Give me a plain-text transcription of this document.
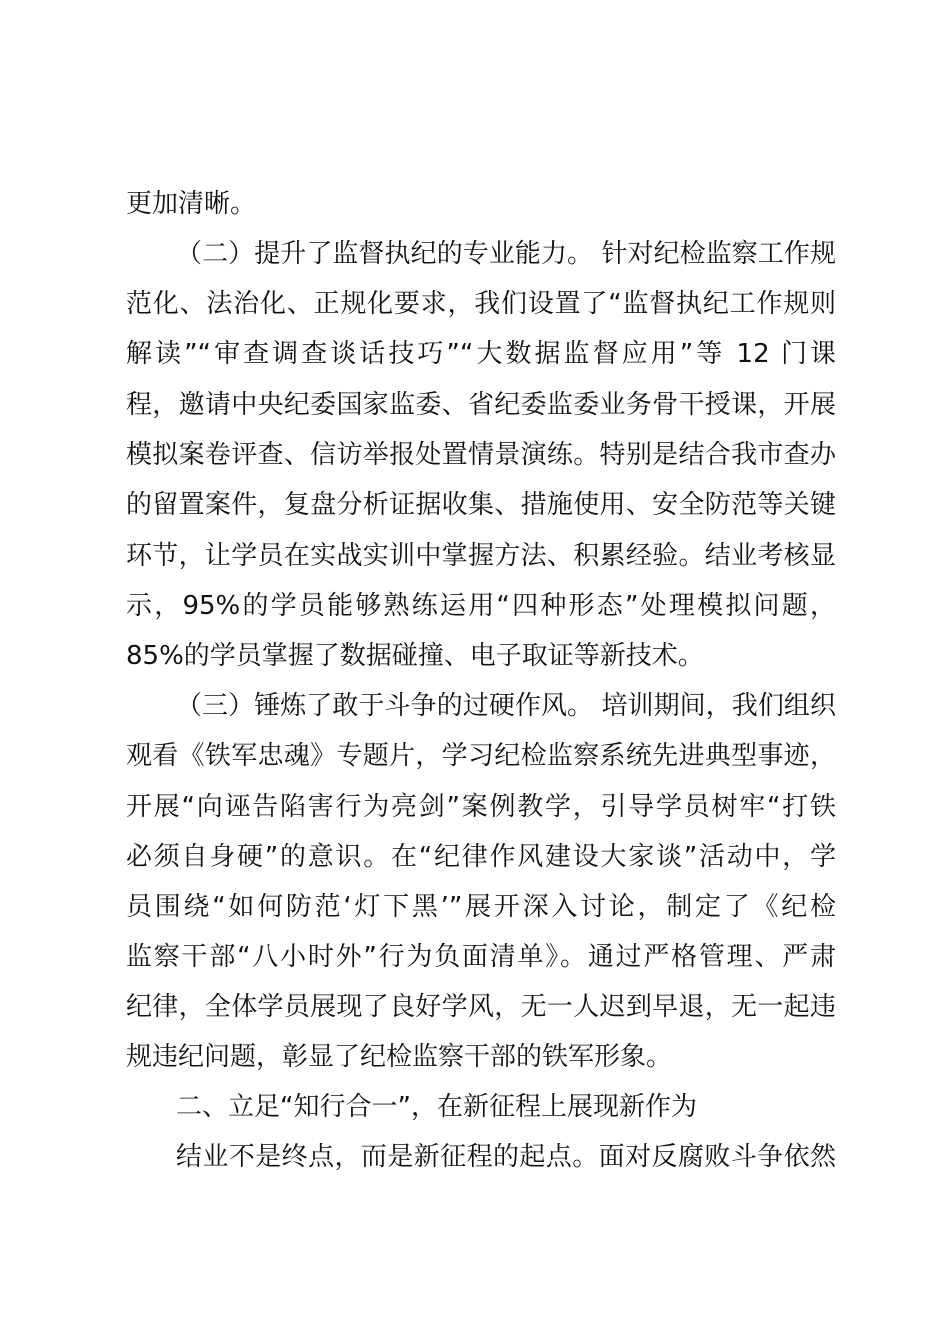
更加清晰。
（二）提升了监督执纪的专业能力。 针对纪检监察工作规
范化、法治化、正规化要求，我们设置了“监督执纪工作规则
解读”“审查调查谈话技巧”“大数据监督应用”等 12 门课
程，邀请中央纪委国家监委、省纪委监委业务骨干授课，开展
模拟案卷评查、信访举报处置情景演练。特别是结合我市查办
的留置案件，复盘分析证据收集、措施使用、安全防范等关键
环节，让学员在实战实训中掌握方法、积累经验。结业考核显
示，95%的学员能够熟练运用“四种形态”处理模拟问题，
85%的学员掌握了数据碰撞、电子取证等新技术。
（三）锤炼了敢于斗争的过硬作风。 培训期间，我们组织
观看《铁军忠魂》专题片，学习纪检监察系统先进典型事迹，
开展“向诬告陷害行为亮剑”案例教学，引导学员树牢“打铁
必须自身硬”的意识。在“纪律作风建设大家谈”活动中，学
员围绕“如何防范‘灯下黑’”展开深入讨论，制定了《纪检
监察干部“八小时外”行为负面清单》。通过严格管理、严肃
纪律，全体学员展现了良好学风，无一人迟到早退，无一起违
规违纪问题，彰显了纪检监察干部的铁军形象。
二、立足“知行合一”，在新征程上展现新作为
结业不是终点，而是新征程的起点。面对反腐败斗争依然
